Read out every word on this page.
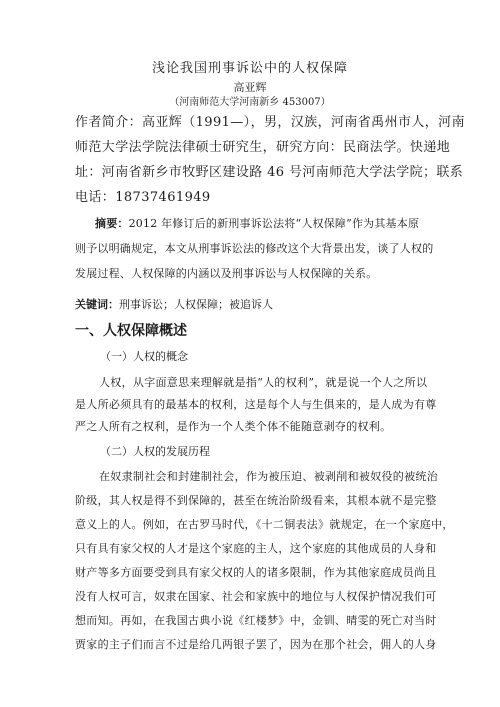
浅论我国刑事诉讼中的人权保障
高亚辉
（河南师范大学河南新乡 453007）
作者简介：高亚辉（1991—），男，汉族，河南省禹州市人，河南
师范大学法学院法律硕士研究生，研究方向：民商法学。快递地
址：河南省新乡市牧野区建设路 46 号河南师范大学法学院；联系
电话：18737461949
摘要：2012 年修订后的新刑事诉讼法将“人权保障”作为其基本原
则予以明确规定，本文从刑事诉讼法的修改这个大背景出发，谈了人权的
发展过程、人权保障的内涵以及刑事诉讼与人权保障的关系。
关键词：刑事诉讼；人权保障；被追诉人
一、人权保障概述
（一）人权的概念
人权，从字面意思来理解就是指“人的权利”，就是说一个人之所以
是人所必须具有的最基本的权利，这是每个人与生俱来的，是人成为有尊
严之人所有之权利，是作为一个人类个体不能随意剥夺的权利。
（二）人权的发展历程
在奴隶制社会和封建制社会，作为被压迫、被剥削和被奴役的被统治
阶级，其人权是得不到保障的，甚至在统治阶级看来，其根本就不是完整
意义上的人。例如，在古罗马时代，《十二铜表法》就规定，在一个家庭中，
只有具有家父权的人才是这个家庭的主人，这个家庭的其他成员的人身和
财产等多方面要受到具有家父权的人的诸多限制，作为其他家庭成员尚且
没有人权可言，奴隶在国家、社会和家族中的地位与人权保护情况我们可
想而知。再如，在我国古典小说《红楼梦》中，金钏、晴雯的死亡对当时
贾家的主子们而言不过是给几两银子罢了，因为在那个社会，佣人的人身
